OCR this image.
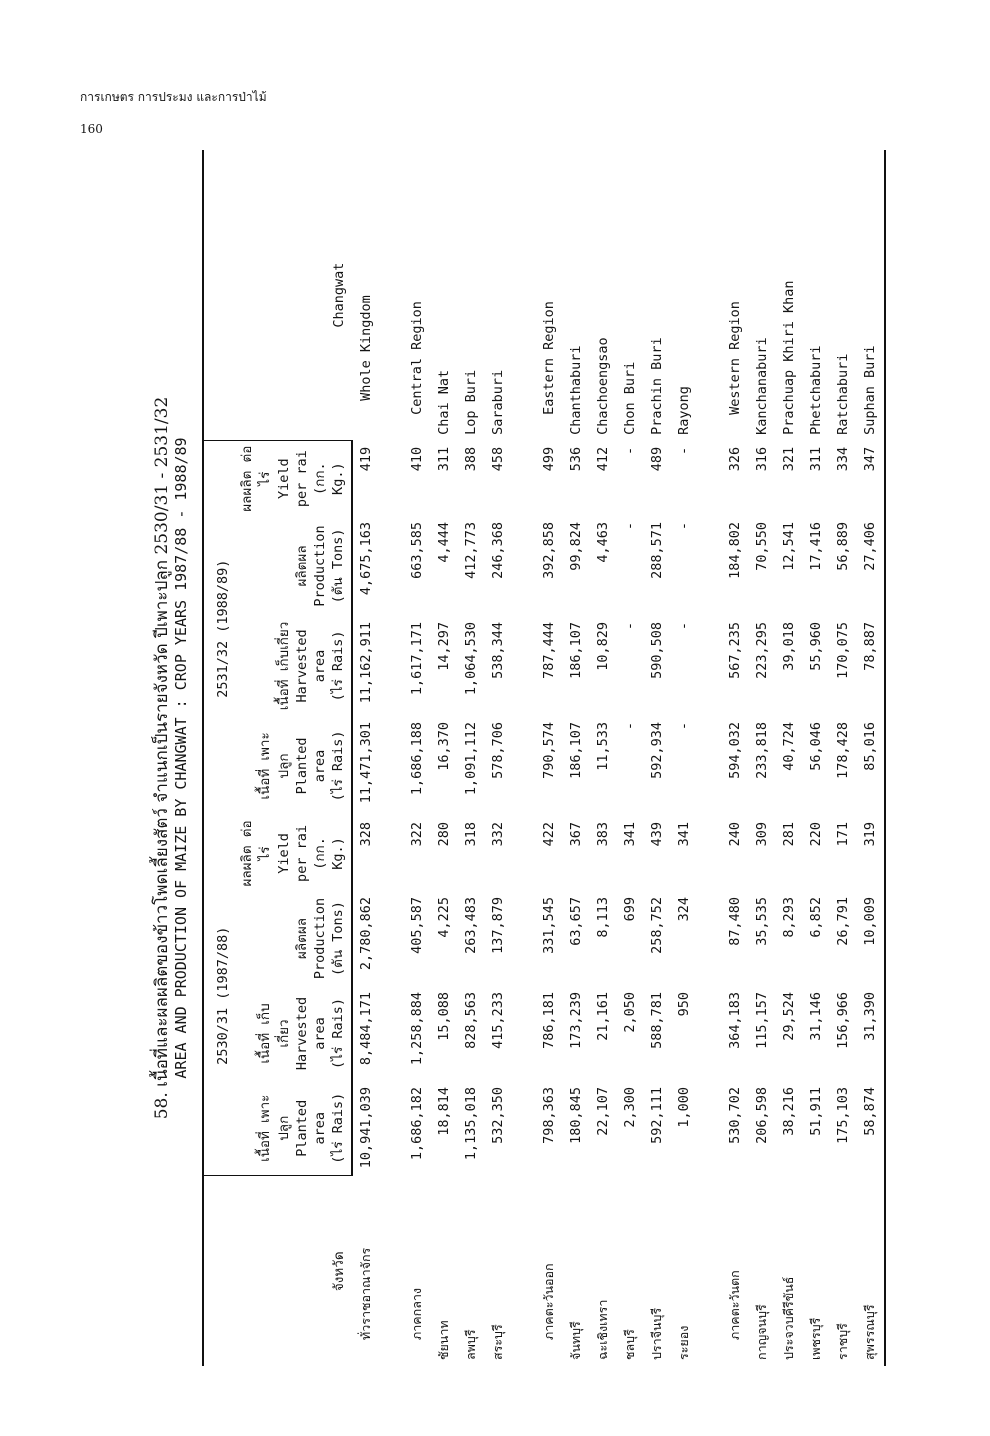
การเกษตร การประมง และการป่าไม้
160
58. เนื้อที่และผลผลิตของข้าวโพดเลี้ยงสัตว์ จำแนกเป็นรายจังหวัด ปีเพาะปลูก 2530/31 - 2531/32 AREA AND PRODUCTION OF MAIZE BY CHANGWAT : CROP YEARS 1987/88 - 1988/89
จังหวัด	2530/31 (1987/88)				2531/32 (1988/89)				Changwat

	เนื้อที่ เพาะปลูก Planted area (ไร่ Rais)	เนื้อที่ เก็บเกี่ยว Harvested area (ไร่ Rais)	ผลิตผล Production (ตัน Tons)	ผลผลิต ต่อไร่ Yield per rai (กก. Kg.)	เนื้อที่ เพาะปลูก Planted area (ไร่ Rais)	เนื้อที่ เก็บเกี่ยว Harvested area (ไร่ Rais)	ผลิตผล Production (ตัน Tons)	ผลผลิต ต่อไร่ Yield per rai (กก. Kg.)	

ทั่วราชอาณาจักร	10,941,039	8,484,171	2,780,862	328	11,471,301	11,162,911	4,675,163	419	Whole Kingdom

ภาคกลาง	1,686,182	1,258,884	405,587	322	1,686,188	1,617,171	663,585	410	Central Region
ชัยนาท	18,814	15,088	4,225	280	16,370	14,297	4,444	311	Chai Nat
ลพบุรี	1,135,018	828,563	263,483	318	1,091,112	1,064,530	412,773	388	Lop Buri
สระบุรี	532,350	415,233	137,879	332	578,706	538,344	246,368	458	Saraburi

ภาคตะวันออก	798,363	786,181	331,545	422	790,574	787,444	392,858	499	Eastern Region
จันทบุรี	180,845	173,239	63,657	367	186,107	186,107	99,824	536	Chanthaburi
ฉะเชิงเทรา	22,107	21,161	8,113	383	11,533	10,829	4,463	412	Chachoengsao
ชลบุรี	2,300	2,050	699	341	-	-	-	-	Chon Buri
ปราจีนบุรี	592,111	588,781	258,752	439	592,934	590,508	288,571	489	Prachin Buri
ระยอง	1,000	950	324	341	-	-	-	-	Rayong

ภาคตะวันตก	530,702	364,183	87,480	240	594,032	567,235	184,802	326	Western Region
กาญจนบุรี	206,598	115,157	35,535	309	233,818	223,295	70,550	316	Kanchanaburi
ประจวบคีรีขันธ์	38,216	29,524	8,293	281	40,724	39,018	12,541	321	Prachuap Khiri Khan
เพชรบุรี	51,911	31,146	6,852	220	56,046	55,960	17,416	311	Phetchaburi
ราชบุรี	175,103	156,966	26,791	171	178,428	170,075	56,889	334	Ratchaburi
สุพรรณบุรี	58,874	31,390	10,009	319	85,016	78,887	27,406	347	Suphan Buri
